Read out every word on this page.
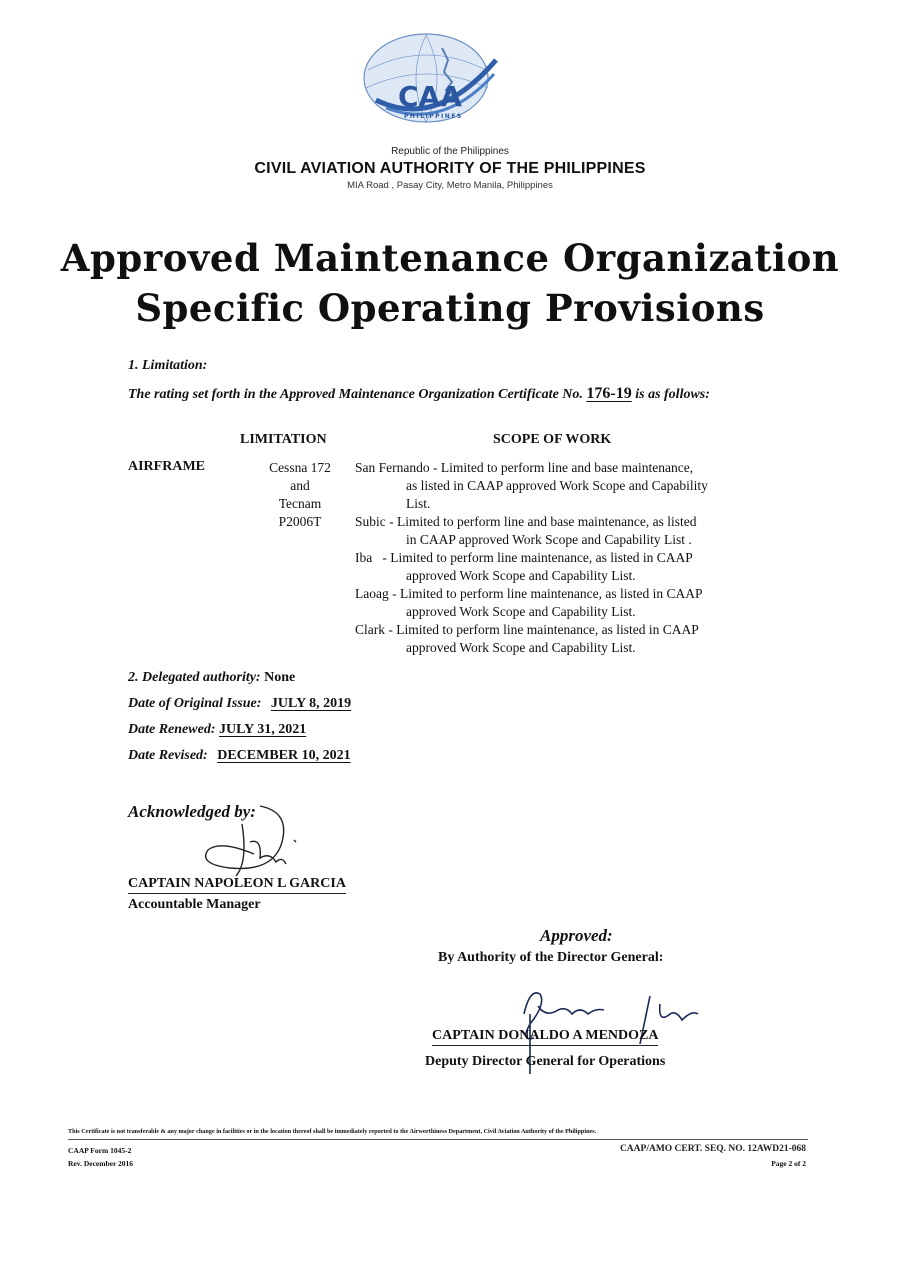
CAA
PHILIPPINES
Republic of the Philippines
CIVIL AVIATION AUTHORITY OF THE PHILIPPINES
MIA Road , Pasay City, Metro Manila, Philippines
Approved Maintenance Organization
Specific Operating Provisions
1. Limitation:
The rating set forth in the Approved Maintenance Organization Certificate No. 176-19 is as follows:
LIMITATION	SCOPE OF WORK
AIRFRAME	Cessna 172
and
Tecnam
P2006T
San Fernando - Limited to perform line and base maintenance,
as listed in CAAP approved Work Scope and Capability
List.
Subic - Limited to perform line and base maintenance, as listed
in CAAP approved Work Scope and Capability List .
Iba - Limited to perform line maintenance, as listed in CAAP
approved Work Scope and Capability List.
Laoag - Limited to perform line maintenance, as listed in CAAP
approved Work Scope and Capability List.
Clark - Limited to perform line maintenance, as listed in CAAP
approved Work Scope and Capability List.
2. Delegated authority: None
Date of Original Issue: JULY 8, 2019
Date Renewed: JULY 31, 2021
Date Revised: DECEMBER 10, 2021
Acknowledged by:
CAPTAIN NAPOLEON L GARCIA
Accountable Manager
Approved:
By Authority of the Director General:
CAPTAIN DONALDO A MENDOZA
Deputy Director General for Operations
This Certificate is not transferable & any major change in facilities or in the location thereof shall be immediately reported to the Airworthiness Department, Civil Aviation Authority of the Philippines.
CAAP Form 1045-2
Rev. December 2016
CAAP/AMO CERT. SEQ. NO. 12AWD21-068
Page 2 of 2
